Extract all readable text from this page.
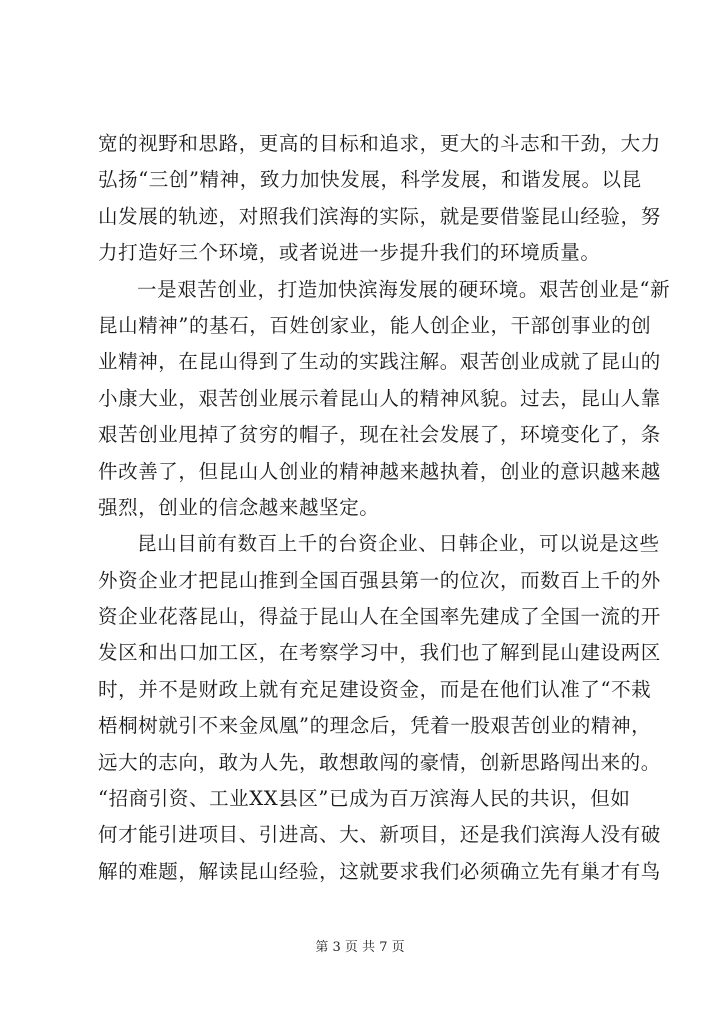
宽的视野和思路，更高的目标和追求，更大的斗志和干劲，大力
弘扬“三创”精神，致力加快发展，科学发展，和谐发展。以昆
山发展的轨迹，对照我们滨海的实际，就是要借鉴昆山经验，努
力打造好三个环境，或者说进一步提升我们的环境质量。
一是艰苦创业，打造加快滨海发展的硬环境。艰苦创业是“新
昆山精神”的基石，百姓创家业，能人创企业，干部创事业的创
业精神，在昆山得到了生动的实践注解。艰苦创业成就了昆山的
小康大业，艰苦创业展示着昆山人的精神风貌。过去，昆山人靠
艰苦创业甩掉了贫穷的帽子，现在社会发展了，环境变化了，条
件改善了，但昆山人创业的精神越来越执着，创业的意识越来越
强烈，创业的信念越来越坚定。
昆山目前有数百上千的台资企业、日韩企业，可以说是这些
外资企业才把昆山推到全国百强县第一的位次，而数百上千的外
资企业花落昆山，得益于昆山人在全国率先建成了全国一流的开
发区和出口加工区，在考察学习中，我们也了解到昆山建设两区
时，并不是财政上就有充足建设资金，而是在他们认准了“不栽
梧桐树就引不来金凤凰”的理念后，凭着一股艰苦创业的精神，
远大的志向，敢为人先，敢想敢闯的豪情，创新思路闯出来的。
“招商引资、工业XX县区”已成为百万滨海人民的共识，但如
何才能引进项目、引进高、大、新项目，还是我们滨海人没有破
解的难题，解读昆山经验，这就要求我们必须确立先有巢才有鸟
第 3 页 共 7 页
